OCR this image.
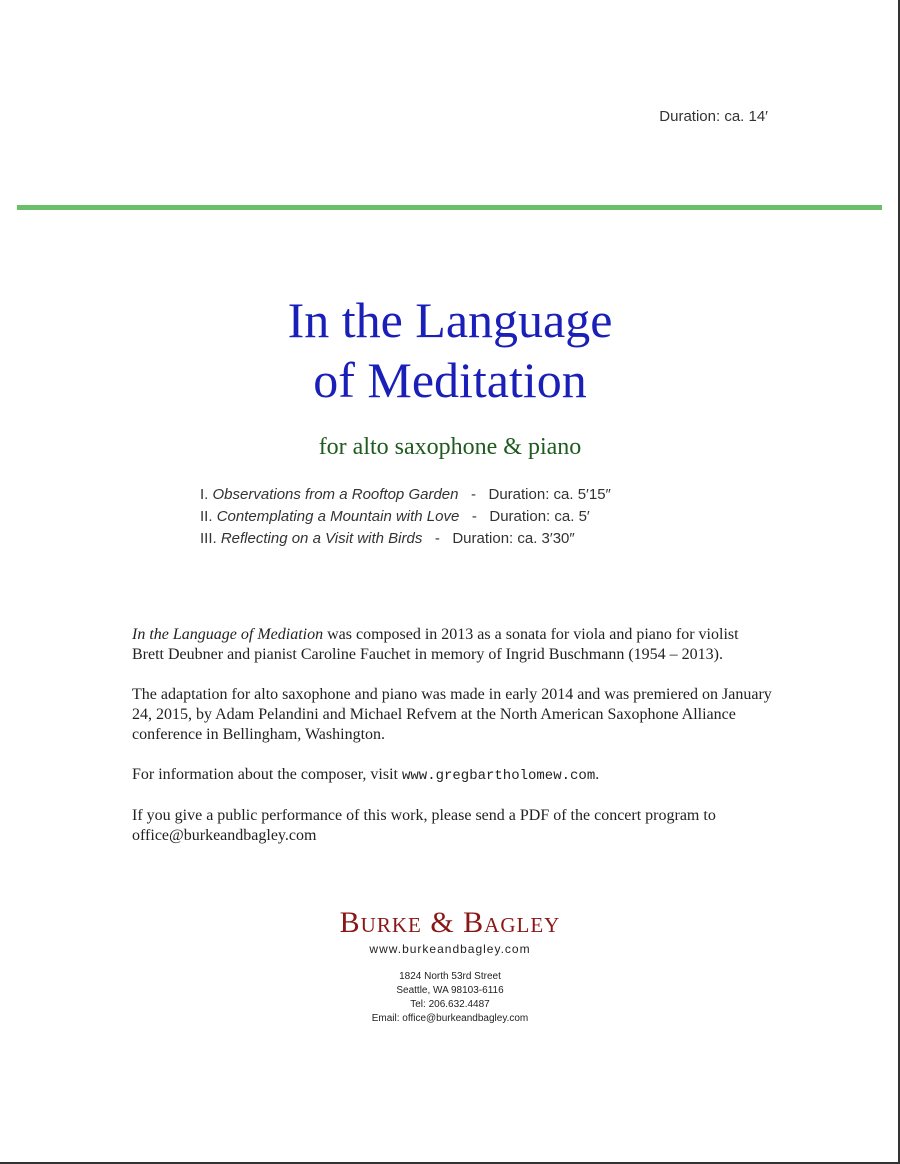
Duration: ca. 14′
In the Language
of Meditation
for alto saxophone & piano
I. Observations from a Rooftop Garden   -   Duration: ca. 5′15″
II. Contemplating a Mountain with Love   -   Duration: ca. 5′
III. Reflecting on a Visit with Birds   -   Duration: ca. 3′30″

In the Language of Mediation was composed in 2013 as a sonata for viola and piano for violist Brett Deubner and pianist Caroline Fauchet in memory of Ingrid Buschmann (1954 – 2013).

The adaptation for alto saxophone and piano was made in early 2014 and was premiered on January 24, 2015, by Adam Pelandini and Michael Refvem at the North American Saxophone Alliance conference in Bellingham, Washington.

For information about the composer, visit www.gregbartholomew.com.

If you give a public performance of this work, please send a PDF of the concert program to office@burkeandbagley.com

Burke & Bagley
www.burkeandbagley.com
1824 North 53rd Street
Seattle, WA 98103-6116
Tel: 206.632.4487
Email: office@burkeandbagley.com
